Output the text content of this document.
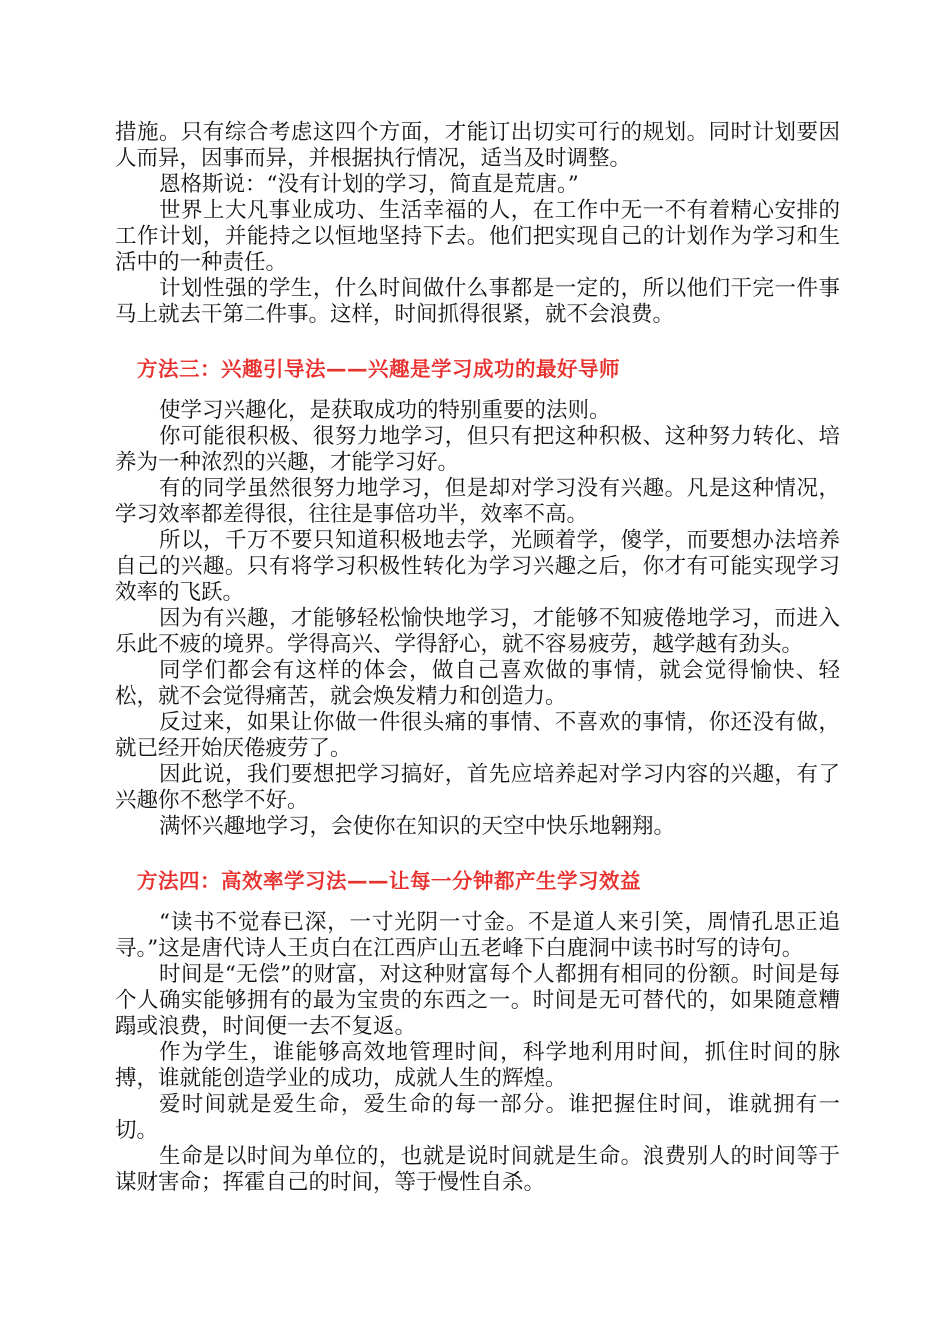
措施。只有综合考虑这四个方面，才能订出切实可行的规划。同时计划要因人而异，因事而异，并根据执行情况，适当及时调整。

恩格斯说：“没有计划的学习，简直是荒唐。”

世界上大凡事业成功、生活幸福的人，在工作中无一不有着精心安排的工作计划，并能持之以恒地坚持下去。他们把实现自己的计划作为学习和生活中的一种责任。

计划性强的学生，什么时间做什么事都是一定的，所以他们干完一件事马上就去干第二件事。这样，时间抓得很紧，就不会浪费。

方法三：兴趣引导法——兴趣是学习成功的最好导师

使学习兴趣化，是获取成功的特别重要的法则。

你可能很积极、很努力地学习，但只有把这种积极、这种努力转化、培养为一种浓烈的兴趣，才能学习好。

有的同学虽然很努力地学习，但是却对学习没有兴趣。凡是这种情况，学习效率都差得很，往往是事倍功半，效率不高。

所以，千万不要只知道积极地去学，光顾着学，傻学，而要想办法培养自己的兴趣。只有将学习积极性转化为学习兴趣之后，你才有可能实现学习效率的飞跃。

因为有兴趣，才能够轻松愉快地学习，才能够不知疲倦地学习，而进入乐此不疲的境界。学得高兴、学得舒心，就不容易疲劳，越学越有劲头。

同学们都会有这样的体会，做自己喜欢做的事情，就会觉得愉快、轻松，就不会觉得痛苦，就会焕发精力和创造力。

反过来，如果让你做一件很头痛的事情、不喜欢的事情，你还没有做，就已经开始厌倦疲劳了。

因此说，我们要想把学习搞好，首先应培养起对学习内容的兴趣，有了兴趣你不愁学不好。

满怀兴趣地学习，会使你在知识的天空中快乐地翱翔。

方法四：高效率学习法——让每一分钟都产生学习效益

“读书不觉春已深，一寸光阴一寸金。不是道人来引笑，周情孔思正追寻。”这是唐代诗人王贞白在江西庐山五老峰下白鹿洞中读书时写的诗句。

时间是“无偿”的财富，对这种财富每个人都拥有相同的份额。时间是每个人确实能够拥有的最为宝贵的东西之一。时间是无可替代的，如果随意糟蹋或浪费，时间便一去不复返。

作为学生，谁能够高效地管理时间，科学地利用时间，抓住时间的脉搏，谁就能创造学业的成功，成就人生的辉煌。

爱时间就是爱生命，爱生命的每一部分。谁把握住时间，谁就拥有一切。

生命是以时间为单位的，也就是说时间就是生命。浪费别人的时间等于谋财害命；挥霍自己的时间，等于慢性自杀。
